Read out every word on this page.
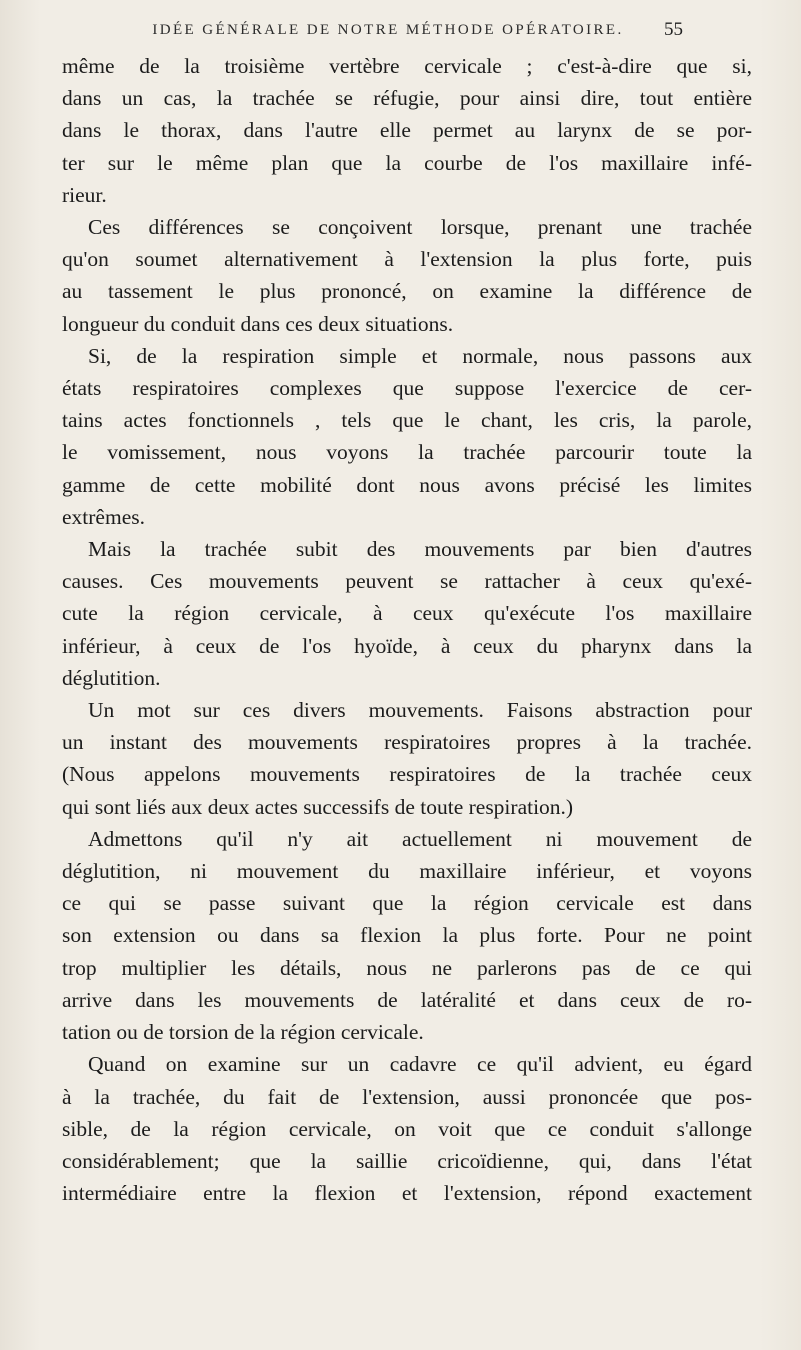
IDÉE GÉNÉRALE DE NOTRE MÉTHODE OPÉRATOIRE.	55
même de la troisième vertèbre cervicale ; c'est-à-dire que si,
dans un cas, la trachée se réfugie, pour ainsi dire, tout entière
dans le thorax, dans l'autre elle permet au larynx de se por-
ter sur le même plan que la courbe de l'os maxillaire infé-
rieur.
Ces différences se conçoivent lorsque, prenant une trachée
qu'on soumet alternativement à l'extension la plus forte, puis
au tassement le plus prononcé, on examine la différence de
longueur du conduit dans ces deux situations.
Si, de la respiration simple et normale, nous passons aux
états respiratoires complexes que suppose l'exercice de cer-
tains actes fonctionnels , tels que le chant, les cris, la parole,
le vomissement, nous voyons la trachée parcourir toute la
gamme de cette mobilité dont nous avons précisé les limites
extrêmes.
Mais la trachée subit des mouvements par bien d'autres
causes. Ces mouvements peuvent se rattacher à ceux qu'exé-
cute la région cervicale, à ceux qu'exécute l'os maxillaire
inférieur, à ceux de l'os hyoïde, à ceux du pharynx dans la
déglutition.
Un mot sur ces divers mouvements. Faisons abstraction pour
un instant des mouvements respiratoires propres à la trachée.
(Nous appelons mouvements respiratoires de la trachée ceux
qui sont liés aux deux actes successifs de toute respiration.)
Admettons qu'il n'y ait actuellement ni mouvement de
déglutition, ni mouvement du maxillaire inférieur, et voyons
ce qui se passe suivant que la région cervicale est dans
son extension ou dans sa flexion la plus forte. Pour ne point
trop multiplier les détails, nous ne parlerons pas de ce qui
arrive dans les mouvements de latéralité et dans ceux de ro-
tation ou de torsion de la région cervicale.
Quand on examine sur un cadavre ce qu'il advient, eu égard
à la trachée, du fait de l'extension, aussi prononcée que pos-
sible, de la région cervicale, on voit que ce conduit s'allonge
considérablement; que la saillie cricoïdienne, qui, dans l'état
intermédiaire entre la flexion et l'extension, répond exactement
